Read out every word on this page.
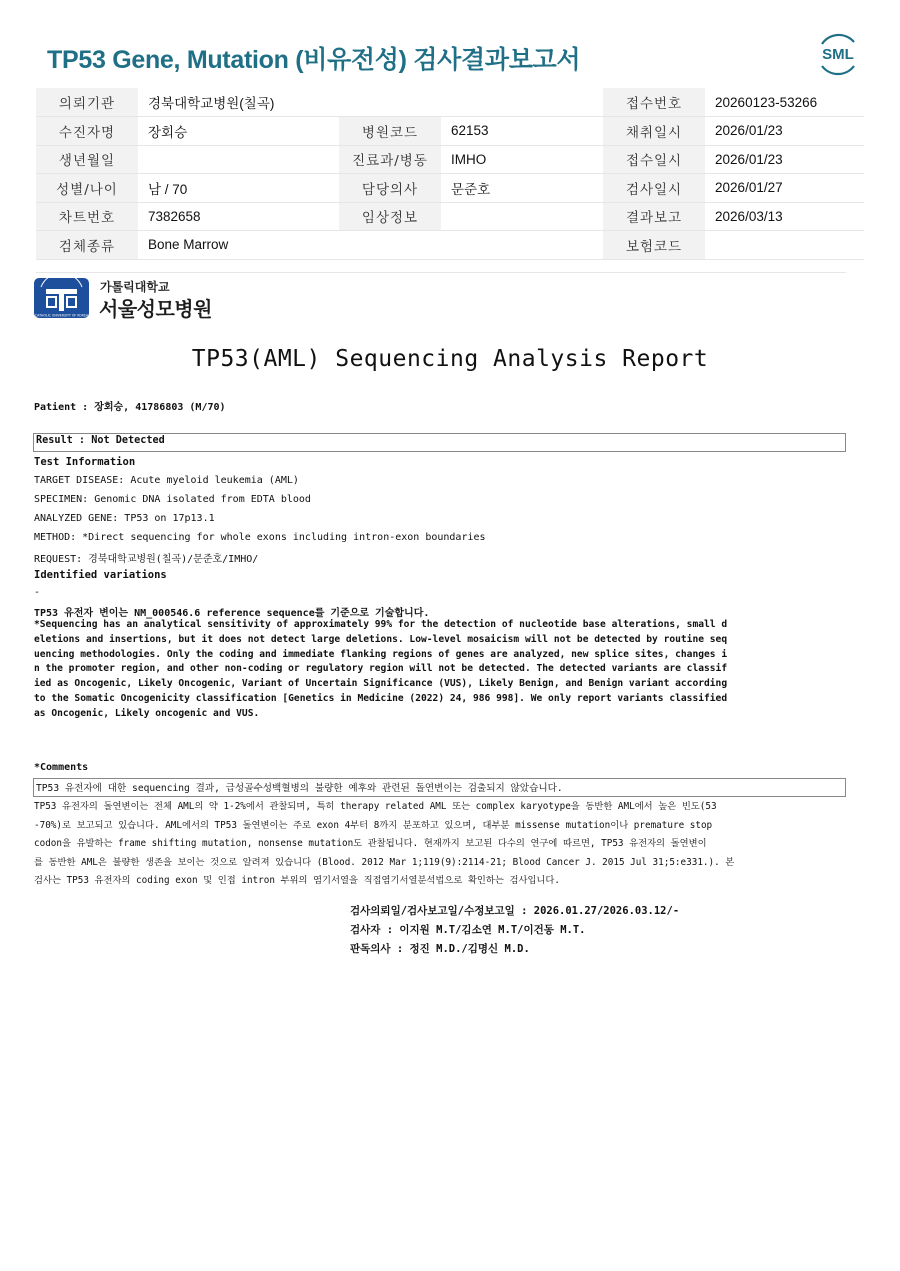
TP53 Gene, Mutation (비유전성) 검사결과보고서	SML
의뢰기관	경북대학교병원(칠곡)			접수번호	20260123-53266
수진자명	장회승	병원코드	62153	채취일시	2026/01/23
생년월일		진료과/병동	IMHO	접수일시	2026/01/23
성별/나이	남 / 70	담당의사	문준호	검사일시	2026/01/27
차트번호	7382658	임상정보		결과보고	2026/03/13
검체종류	Bone Marrow			보험코드	
CATHOLIC UNIVERSITY OF KOREA
가톨릭대학교
서울성모병원
TP53(AML) Sequencing Analysis Report
Patient : 장회승, 41786803 (M/70)
Result : Not Detected
Test Information
TARGET DISEASE: Acute myeloid leukemia (AML)
SPECIMEN: Genomic DNA isolated from EDTA blood
ANALYZED GENE: TP53 on 17p13.1
METHOD: *Direct sequencing for whole exons including intron-exon boundaries
REQUEST: 경북대학교병원(칠곡)/문준호/IMHO/
Identified variations
-
TP53 유전자 변이는 NM_000546.6 reference sequence를 기준으로 기술합니다.
*Sequencing has an analytical sensitivity of approximately 99% for the detection of nucleotide base alterations, small d
eletions and insertions, but it does not detect large deletions. Low-level mosaicism will not be detected by routine seq
uencing methodologies. Only the coding and immediate flanking regions of genes are analyzed, new splice sites, changes i
n the promoter region, and other non-coding or regulatory region will not be detected. The detected variants are classif
ied as Oncogenic, Likely Oncogenic, Variant of Uncertain Significance (VUS), Likely Benign, and Benign variant according
to the Somatic Oncogenicity classification [Genetics in Medicine (2022) 24, 986 998]. We only report variants classified
as Oncogenic, Likely oncogenic and VUS.
*Comments
TP53 유전자에 대한 sequencing 결과, 급성골수성백혈병의 불량한 예후와 관련된 돌연변이는 검출되지 않았습니다.
TP53 유전자의 돌연변이는 전체 AML의 약 1-2%에서 관찰되며, 특히 therapy related AML 또는 complex karyotype을 동반한 AML에서 높은 빈도(53
-70%)로 보고되고 있습니다. AML에서의 TP53 돌연변이는 주로 exon 4부터 8까지 분포하고 있으며, 대부분 missense mutation이나 premature stop
codon을 유발하는 frame shifting mutation, nonsense mutation도 관찰됩니다. 현재까지 보고된 다수의 연구에 따르면, TP53 유전자의 돌연변이
를 동반한 AML은 불량한 생존을 보이는 것으로 알려져 있습니다 (Blood. 2012 Mar 1;119(9):2114-21; Blood Cancer J. 2015 Jul 31;5:e331.). 본
검사는 TP53 유전자의 coding exon 및 인접 intron 부위의 염기서열을 직접염기서열분석법으로 확인하는 검사입니다.
검사의뢰일/검사보고일/수정보고일 : 2026.01.27/2026.03.12/-
검사자 : 이지원 M.T/김소연 M.T/이건동 M.T.
판독의사 : 정진 M.D./김명신 M.D.
